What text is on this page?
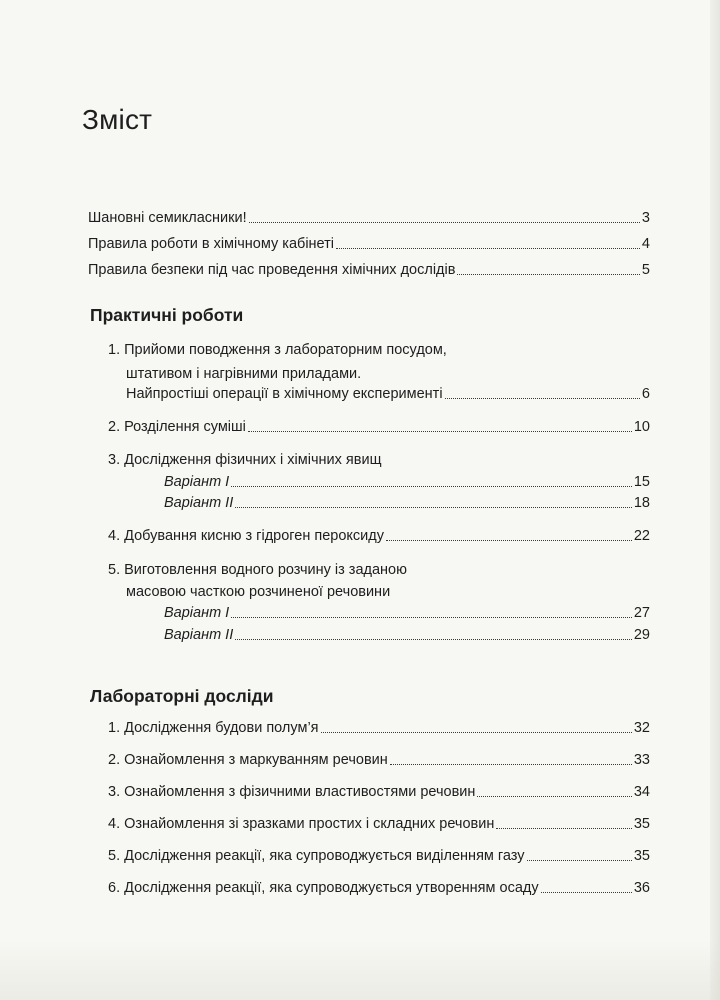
Зміст
Шановні семикласники!	3
Правила роботи в хімічному кабінеті	4
Правила безпеки під час проведення хімічних дослідів	5
Практичні роботи
1. Прийоми поводження з лабораторним посудом,
штативом і нагрівними приладами.
Найпростіші операції в хімічному експерименті	6
2. Розділення суміші	10
3. Дослідження фізичних і хімічних явищ
Варіант І	15
Варіант ІІ	18
4. Добування кисню з гідроген пероксиду	22
5. Виготовлення водного розчину із заданою
масовою часткою розчиненої речовини
Варіант І	27
Варіант ІІ	29
Лабораторні досліди
1. Дослідження будови полум’я	32
2. Ознайомлення з маркуванням речовин	33
3. Ознайомлення з фізичними властивостями речовин	34
4. Ознайомлення зі зразками простих і складних речовин	35
5. Дослідження реакції, яка супроводжується виділенням газу	35
6. Дослідження реакції, яка супроводжується утворенням осаду	36
